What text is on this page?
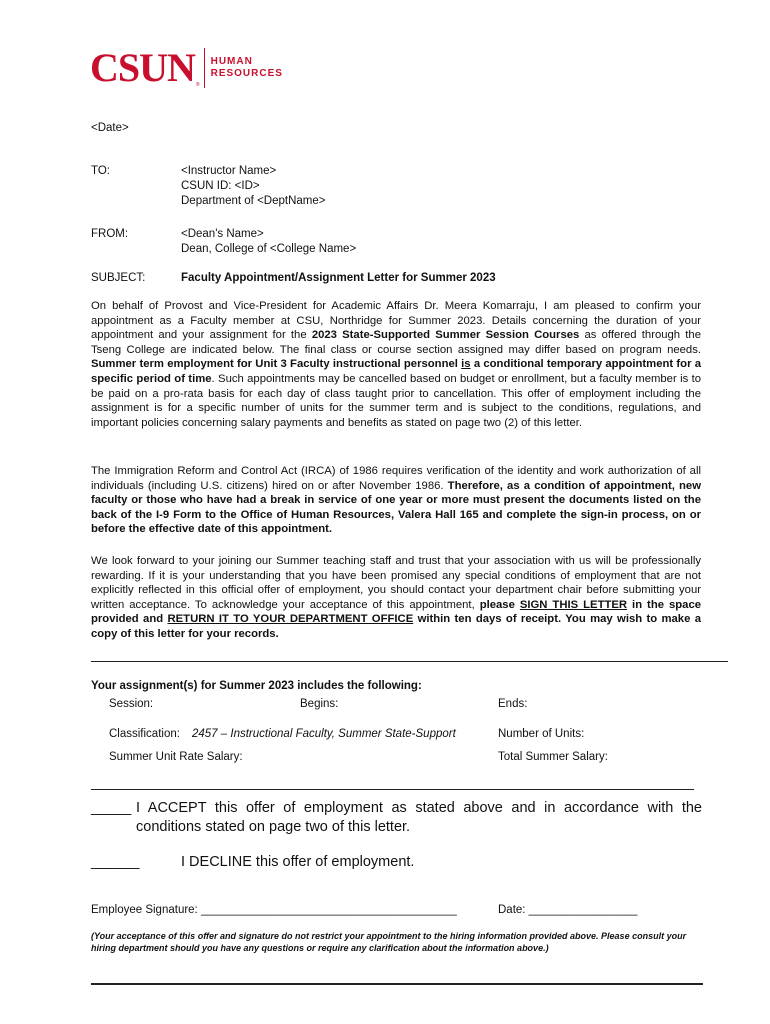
CSUN ®
HUMAN
RESOURCES

<Date>

TO:	<Instructor Name>

CSUN ID: <ID>

Department of <DeptName>

FROM:	<Dean's Name>

Dean, College of <College Name>

SUBJECT:	Faculty Appointment/Assignment Letter for Summer 2023

On behalf of Provost and Vice-President for Academic Affairs Dr. Meera Komarraju, I am pleased to confirm your appointment as a Faculty member at CSU, Northridge for Summer 2023. Details concerning the duration of your appointment and your assignment for the 2023 State-Supported Summer Session Courses as offered through the Tseng College are indicated below. The final class or course section assigned may differ based on program needs. Summer term employment for Unit 3 Faculty instructional personnel is a conditional temporary appointment for a specific period of time. Such appointments may be cancelled based on budget or enrollment, but a faculty member is to be paid on a pro-rata basis for each day of class taught prior to cancellation. This offer of employment including the assignment is for a specific number of units for the summer term and is subject to the conditions, regulations, and important policies concerning salary payments and benefits as stated on page two (2) of this letter.

The Immigration Reform and Control Act (IRCA) of 1986 requires verification of the identity and work authorization of all individuals (including U.S. citizens) hired on or after November 1986. Therefore, as a condition of appointment, new faculty or those who have had a break in service of one year or more must present the documents listed on the back of the I-9 Form to the Office of Human Resources, Valera Hall 165 and complete the sign-in process, on or before the effective date of this appointment.

We look forward to your joining our Summer teaching staff and trust that your association with us will be professionally rewarding. If it is your understanding that you have been promised any special conditions of employment that are not explicitly reflected in this official offer of employment, you should contact your department chair before submitting your written acceptance. To acknowledge your acceptance of this appointment, please SIGN THIS LETTER in the space provided and RETURN IT TO YOUR DEPARTMENT OFFICE within ten days of receipt. You may wish to make a copy of this letter for your records.

Your assignment(s) for Summer 2023 includes the following:

Session:	Begins:	Ends:

Classification: 2457 – Instructional Faculty, Summer State-Support	Number of Units:

Summer Unit Rate Salary:	Total Summer Salary:

_____ I ACCEPT this offer of employment as stated above and in accordance with the conditions stated on page two of this letter.

______	I DECLINE this offer of employment.

Employee Signature: ________________________________________	Date: _________________

(Your acceptance of this offer and signature do not restrict your appointment to the hiring information provided above. Please consult your hiring department should you have any questions or require any clarification about the information above.)
